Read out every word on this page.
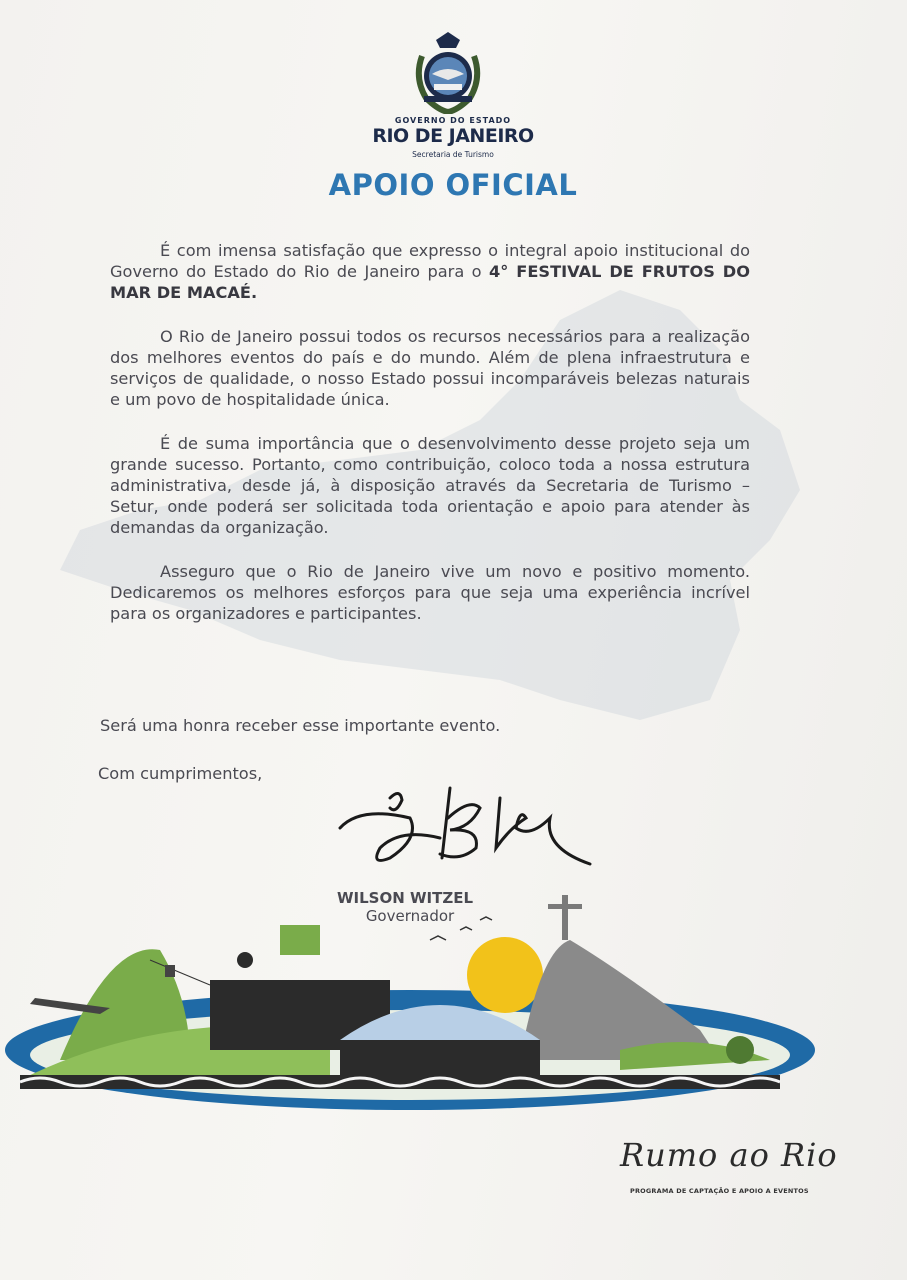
GOVERNO DO ESTADO
RIO DE JANEIRO
Secretaria de Turismo
APOIO OFICIAL

É com imensa satisfação que expresso o integral apoio institucional do Governo do Estado do Rio de Janeiro para o 4° FESTIVAL DE FRUTOS DO MAR DE MACAÉ.

O Rio de Janeiro possui todos os recursos necessários para a realização dos melhores eventos do país e do mundo. Além de plena infraestrutura e serviços de qualidade, o nosso Estado possui incomparáveis belezas naturais e um povo de hospitalidade única.

É de suma importância que o desenvolvimento desse projeto seja um grande sucesso. Portanto, como contribuição, coloco toda a nossa estrutura administrativa, desde já, à disposição através da Secretaria de Turismo – Setur, onde poderá ser solicitada toda orientação e apoio para atender às demandas da organização.

Asseguro que o Rio de Janeiro vive um novo e positivo momento. Dedicaremos os melhores esforços para que seja uma experiência incrível para os organizadores e participantes.

Será uma honra receber esse importante evento.
Com cumprimentos,
WILSON WITZEL
Governador
Rumo ao Rio
PROGRAMA DE CAPTAÇÃO E APOIO A EVENTOS
